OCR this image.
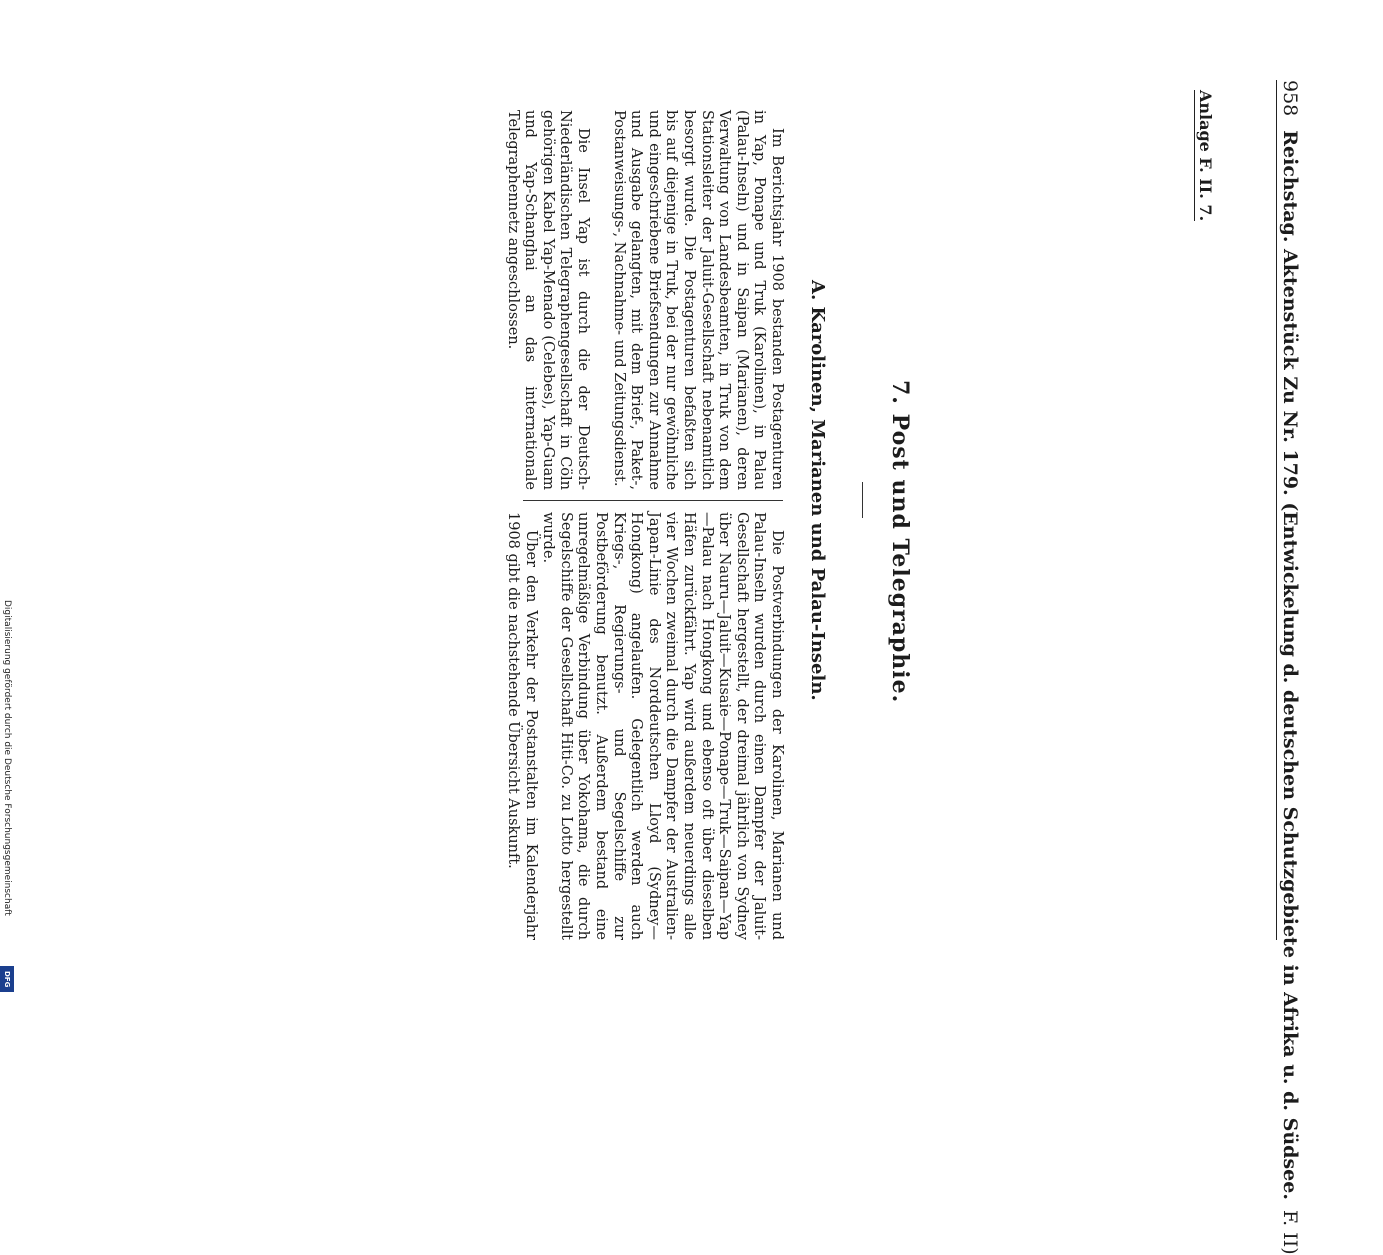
958
Reichstag. Aktenstück Zu Nr. 179. (Entwickelung d. deutschen Schutzgebiete in Afrika u. d. Südsee.
F. II)
Anlage F. II. 7.
7. Post und Telegraphie.
A. Karolinen, Marianen und Palau-Inseln.

Im Berichtsjahr 1908 bestanden Postagenturen in Yap, Ponape und Truk (Karolinen), in Palau (Palau-Inseln) und in Saipan (Marianen), deren Verwaltung von Landesbeamten, in Truk von dem Stationsleiter der Jaluit-Gesellschaft nebenamtlich besorgt wurde. Die Postagenturen befaßten sich bis auf diejenige in Truk, bei der nur gewöhnliche und eingeschriebene Briefsendungen zur Annahme und Ausgabe gelangten, mit dem Brief-, Paket-, Postanweisungs-, Nachnahme- und Zeitungsdienst.

Die Insel Yap ist durch die der Deutsch-Niederländischen Telegraphengesellschaft in Cöln gehörigen Kabel Yap-Menado (Celebes), Yap-Guam und Yap-Schanghai an das internationale Telegraphennetz angeschlossen.

Die Postverbindungen der Karolinen, Marianen und Palau-Inseln wurden durch einen Dampfer der Jaluit-Gesellschaft hergestellt, der dreimal jährlich von Sydney über Nauru—Jaluit—Kusaie—Ponape—Truk—Saipan—Yap—Palau nach Hongkong und ebenso oft über dieselben Häfen zurückfährt. Yap wird außerdem neuerdings alle vier Wochen zweimal durch die Dampfer der Australien-Japan-Linie des Norddeutschen Lloyd (Sydney—Hongkong) angelaufen. Gelegentlich werden auch Kriegs-, Regierungs- und Segelschiffe zur Postbeförderung benutzt. Außerdem bestand eine unregelmäßige Verbindung über Yokohama, die durch Segelschiffe der Gesellschaft Hiti-Co. zu Lotto hergestellt wurde.

Über den Verkehr der Postanstalten im Kalenderjahr 1908 gibt die nachstehende Übersicht Auskunft.

Digitalisierung gefördert durch die Deutsche Forschungsgemeinschaft
DFG
